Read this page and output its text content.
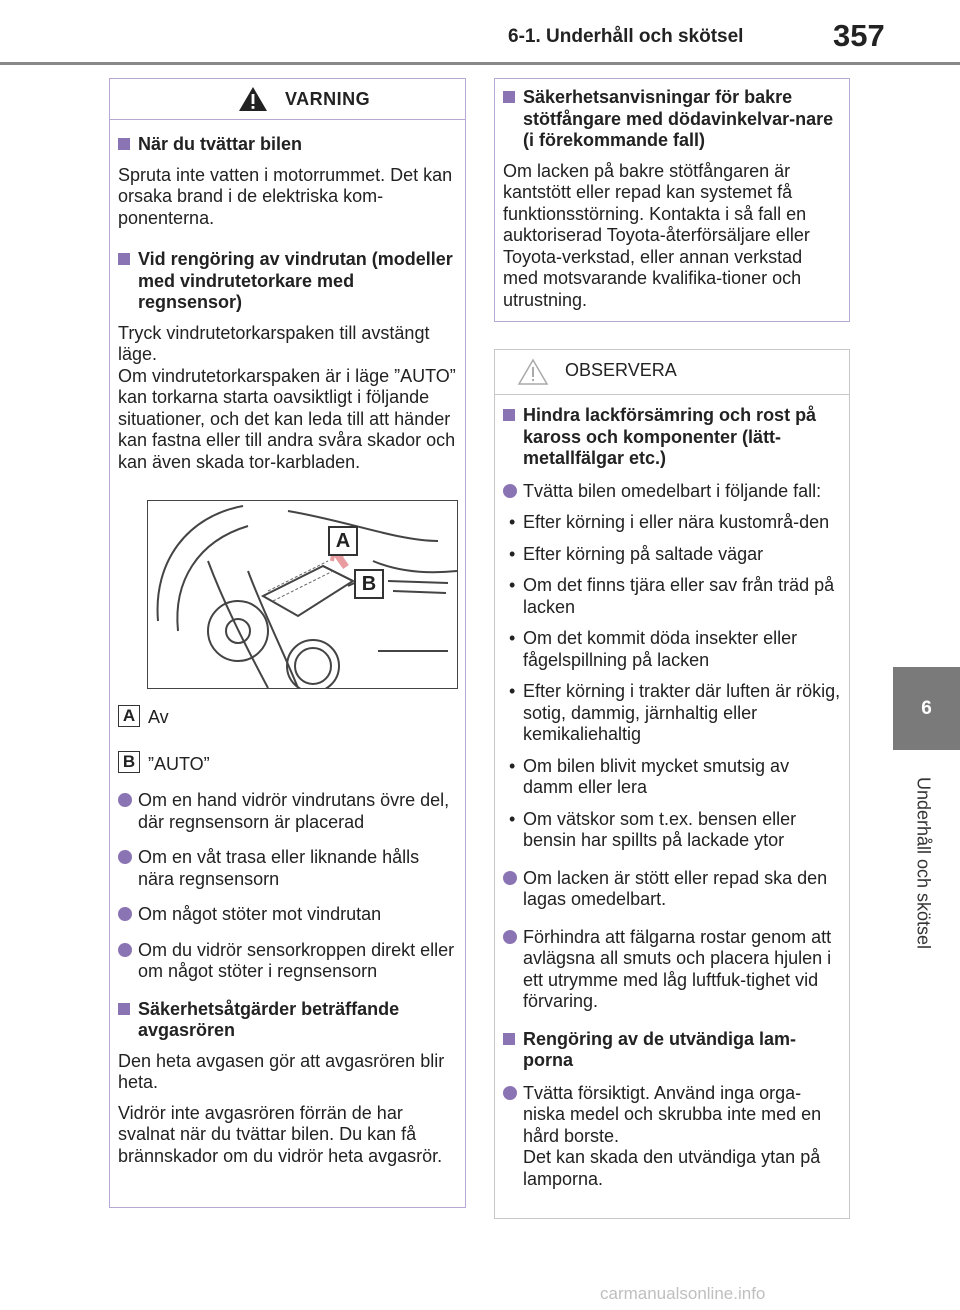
6-1. Underhåll och skötsel	357
6
Underhåll och skötsel
VARNING
När du tvättar bilen
Spruta inte vatten i motorrummet. Det kan orsaka brand i de elektriska kom-ponenterna.
Vid rengöring av vindrutan (modeller med vindrutetorkare med regnsensor)
Tryck vindrutetorkarspaken till avstängt läge.
Om vindrutetorkarspaken är i läge ”AUTO” kan torkarna starta oavsiktligt i följande situationer, och det kan leda till att händer kan fastna eller till andra svåra skador och kan även skada tor-karbladen.
A
B
A Av
B ”AUTO”
Om en hand vidrör vindrutans övre del, där regnsensorn är placerad
Om en våt trasa eller liknande hålls nära regnsensorn
Om något stöter mot vindrutan
Om du vidrör sensorkroppen direkt eller om något stöter i regnsensorn
Säkerhetsåtgärder beträffande avgasrören
Den heta avgasen gör att avgasrören blir heta.
Vidrör inte avgasrören förrän de har svalnat när du tvättar bilen. Du kan få brännskador om du vidrör heta avgasrör.
Säkerhetsanvisningar för bakre stötfångare med dödavinkelvar-nare (i förekommande fall)
Om lacken på bakre stötfångaren är kantstött eller repad kan systemet få funktionsstörning. Kontakta i så fall en auktoriserad Toyota-återförsäljare eller Toyota-verkstad, eller annan verkstad med motsvarande kvalifika-tioner och utrustning.
OBSERVERA
Hindra lackförsämring och rost på kaross och komponenter (lätt-metallfälgar etc.)
Tvätta bilen omedelbart i följande fall:
• Efter körning i eller nära kustområ-den
• Efter körning på saltade vägar
• Om det finns tjära eller sav från träd på lacken
• Om det kommit döda insekter eller fågelspillning på lacken
• Efter körning i trakter där luften är rökig, sotig, dammig, järnhaltig eller kemikaliehaltig
• Om bilen blivit mycket smutsig av damm eller lera
• Om vätskor som t.ex. bensen eller bensin har spillts på lackade ytor
Om lacken är stött eller repad ska den lagas omedelbart.
Förhindra att fälgarna rostar genom att avlägsna all smuts och placera hjulen i ett utrymme med låg luftfuk-tighet vid förvaring.
Rengöring av de utvändiga lam-porna
Tvätta försiktigt. Använd inga orga-niska medel och skrubba inte med en hård borste.
Det kan skada den utvändiga ytan på lamporna.
carmanualsonline.info
